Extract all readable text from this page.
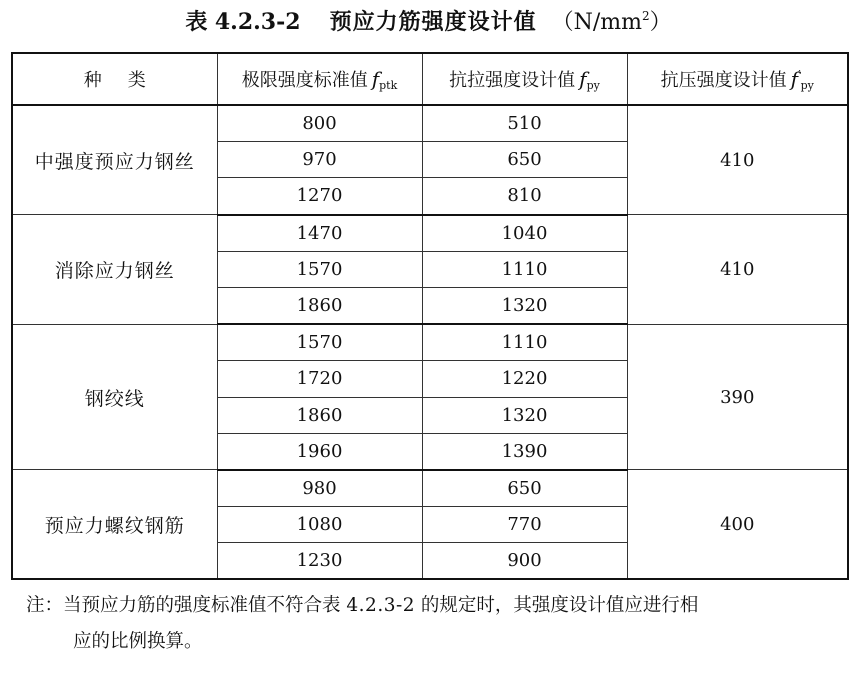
表 4.2.3-2 预应力筋强度设计值 $(N/mm^2)$
种类	极限强度标准值 $f_{ptk}$	抗拉强度设计值 $f_{py}$	抗压强度设计值 $f'_{py}$
中强度预应力钢丝	800	510	410
	970	650	
	1270	810	
消除应力钢丝	1470	1040	410
	1570	1110	
	1860	1320	
钢绞线	1570	1110	390
	1720	1220	
	1860	1320	
	1960	1390	
预应力螺纹钢筋	980	650	400
	1080	770	
	1230	900	
注：当预应力筋的强度标准值不符合表 4.2.3-2 的规定时，其强度设计值应进行相
应的比例换算。
